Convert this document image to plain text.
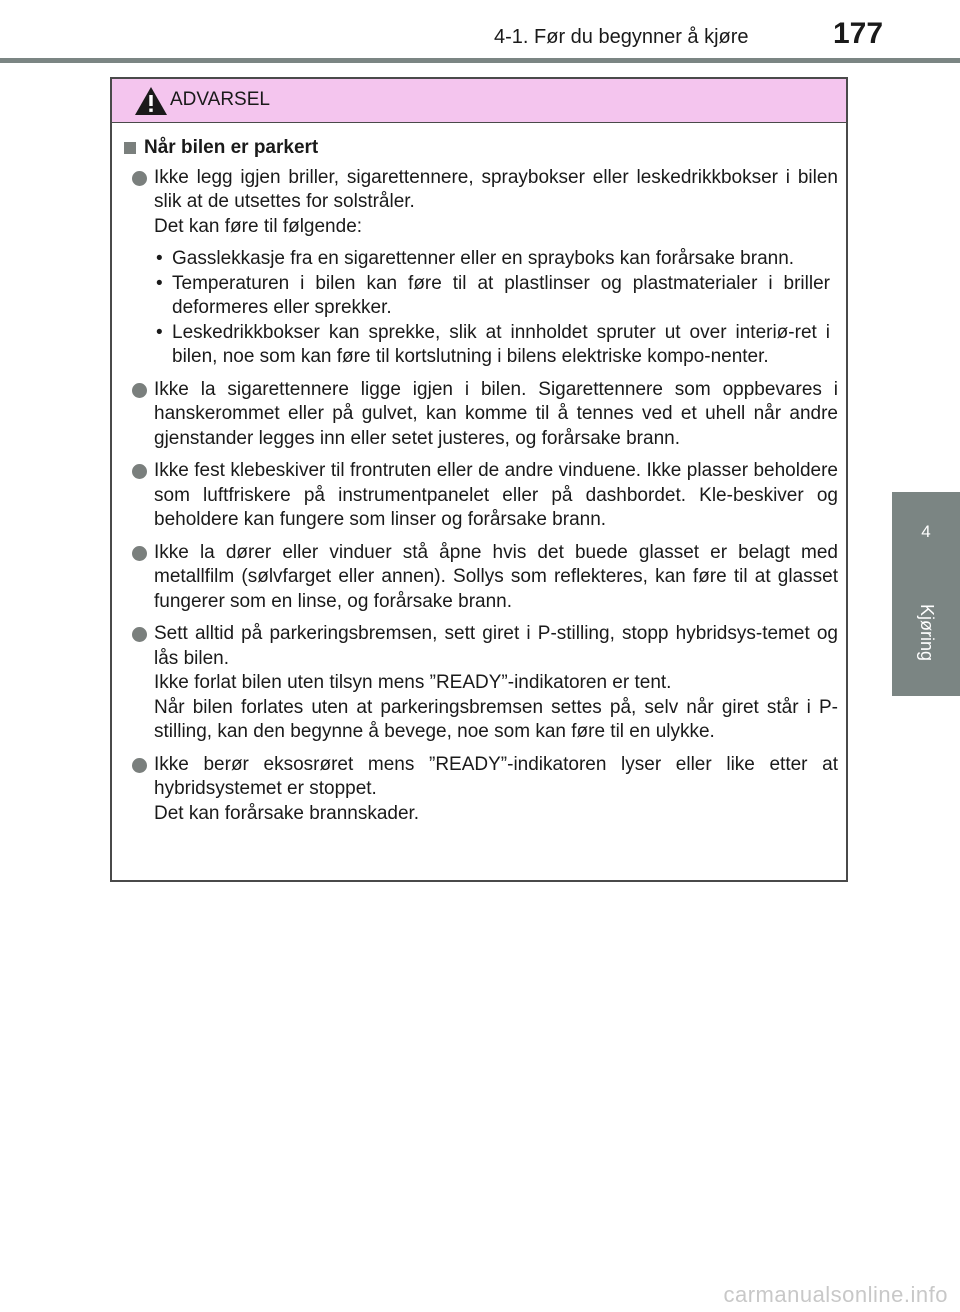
4-1. Før du begynner å kjøre	177
4
Kjøring
ADVARSEL
Når bilen er parkert

Ikke legg igjen briller, sigarettennere, spraybokser eller leskedrikkbokser i bilen slik at de utsettes for solstråler.

Det kan føre til følgende:

• Gasslekkasje fra en sigarettenner eller en sprayboks kan forårsake brann.
• Temperaturen i bilen kan føre til at plastlinser og plastmaterialer i briller deformeres eller sprekker.
• Leskedrikkbokser kan sprekke, slik at innholdet spruter ut over interiø-ret i bilen, noe som kan føre til kortslutning i bilens elektriske kompo-nenter.

Ikke la sigarettennere ligge igjen i bilen. Sigarettennere som oppbevares i hanskerommet eller på gulvet, kan komme til å tennes ved et uhell når andre gjenstander legges inn eller setet justeres, og forårsake brann.

Ikke fest klebeskiver til frontruten eller de andre vinduene. Ikke plasser beholdere som luftfriskere på instrumentpanelet eller på dashbordet. Kle-beskiver og beholdere kan fungere som linser og forårsake brann.

Ikke la dører eller vinduer stå åpne hvis det buede glasset er belagt med metallfilm (sølvfarget eller annen). Sollys som reflekteres, kan føre til at glasset fungerer som en linse, og forårsake brann.

Sett alltid på parkeringsbremsen, sett giret i P-stilling, stopp hybridsys-temet og lås bilen.

Ikke forlat bilen uten tilsyn mens ”READY”-indikatoren er tent.

Når bilen forlates uten at parkeringsbremsen settes på, selv når giret står i P-stilling, kan den begynne å bevege, noe som kan føre til en ulykke.

Ikke berør eksosrøret mens ”READY”-indikatoren lyser eller like etter at hybridsystemet er stoppet.

Det kan forårsake brannskader.

carmanualsonline.info
